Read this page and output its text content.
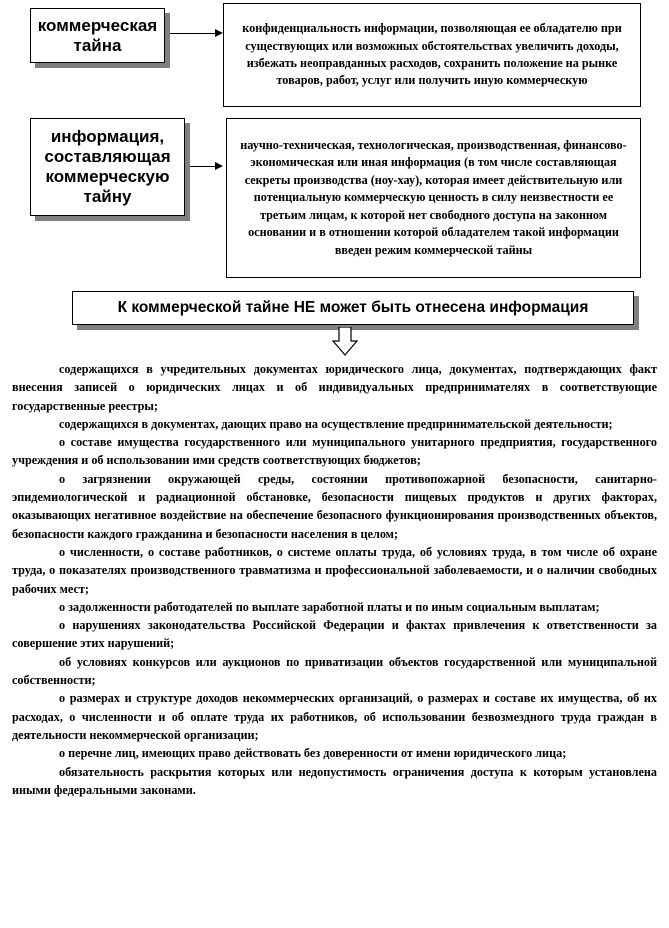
коммерческая тайна
конфиденциальность информации, позволяющая ее обладателю при существующих или возможных обстоятельствах увеличить доходы, избежать неоправданных расходов, сохранить положение на рынке товаров, работ, услуг или получить иную коммерческую
информация, составляющая коммерческую тайну
научно-техническая, технологическая, производственная, финансово-экономическая или иная информация (в том числе составляющая секреты производства (ноу-хау), которая имеет действительную или потенциальную коммерческую ценность в силу неизвестности ее третьим лицам, к которой нет свободного доступа на законном основании и в отношении которой обладателем такой информации введен режим коммерческой тайны
К коммерческой тайне НЕ может быть отнесена информация

содержащихся в учредительных документах юридического лица, документах, подтверждающих факт внесения записей о юридических лицах и об индивидуальных предпринимателях в соответствующие государственные реестры;

содержащихся в документах, дающих право на осуществление предпринимательской деятельности;

о составе имущества государственного или муниципального унитарного предприятия, государственного учреждения и об использовании ими средств соответствующих бюджетов;

о загрязнении окружающей среды, состоянии противопожарной безопасности, санитарно-эпидемиологической и радиационной обстановке, безопасности пищевых продуктов и других факторах, оказывающих негативное воздействие на обеспечение безопасного функционирования производственных объектов, безопасности каждого гражданина и безопасности населения в целом;

о численности, о составе работников, о системе оплаты труда, об условиях труда, в том числе об охране труда, о показателях производственного травматизма и профессиональной заболеваемости, и о наличии свободных рабочих мест;

о задолженности работодателей по выплате заработной платы и по иным социальным выплатам;

о нарушениях законодательства Российской Федерации и фактах привлечения к ответственности за совершение этих нарушений;

об условиях конкурсов или аукционов по приватизации объектов государственной или муниципальной собственности;

о размерах и структуре доходов некоммерческих организаций, о размерах и составе их имущества, об их расходах, о численности и об оплате труда их работников, об использовании безвозмездного труда граждан в деятельности некоммерческой организации;

о перечне лиц, имеющих право действовать без доверенности от имени юридического лица;

обязательность раскрытия которых или недопустимость ограничения доступа к которым установлена иными федеральными законами.
